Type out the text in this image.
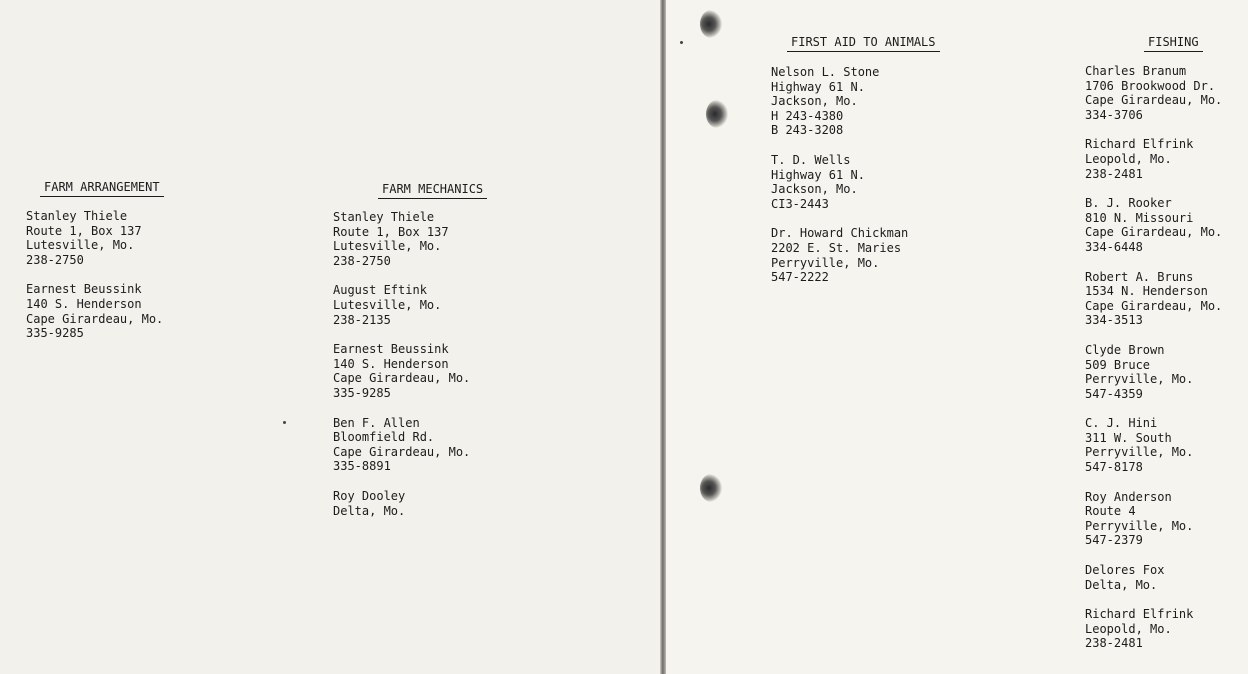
FARM ARRANGEMENT
Stanley Thiele
Route 1, Box 137
Lutesville, Mo.
238-2750
Earnest Beussink
140 S. Henderson
Cape Girardeau, Mo.
335-9285
FARM MECHANICS
Stanley Thiele
Route 1, Box 137
Lutesville, Mo.
238-2750
August Eftink
Lutesville, Mo.
238-2135
Earnest Beussink
140 S. Henderson
Cape Girardeau, Mo.
335-9285
Ben F. Allen
Bloomfield Rd.
Cape Girardeau, Mo.
335-8891
Roy Dooley
Delta, Mo.
FIRST AID TO ANIMALS
Nelson L. Stone
Highway 61 N.
Jackson, Mo.
H 243-4380
B 243-3208
T. D. Wells
Highway 61 N.
Jackson, Mo.
CI3-2443
Dr. Howard Chickman
2202 E. St. Maries
Perryville, Mo.
547-2222
FISHING
Charles Branum
1706 Brookwood Dr.
Cape Girardeau, Mo.
334-3706
Richard Elfrink
Leopold, Mo.
238-2481
B. J. Rooker
810 N. Missouri
Cape Girardeau, Mo.
334-6448
Robert A. Bruns
1534 N. Henderson
Cape Girardeau, Mo.
334-3513
Clyde Brown
509 Bruce
Perryville, Mo.
547-4359
C. J. Hini
311 W. South
Perryville, Mo.
547-8178
Roy Anderson
Route 4
Perryville, Mo.
547-2379
Delores Fox
Delta, Mo.
Richard Elfrink
Leopold, Mo.
238-2481
